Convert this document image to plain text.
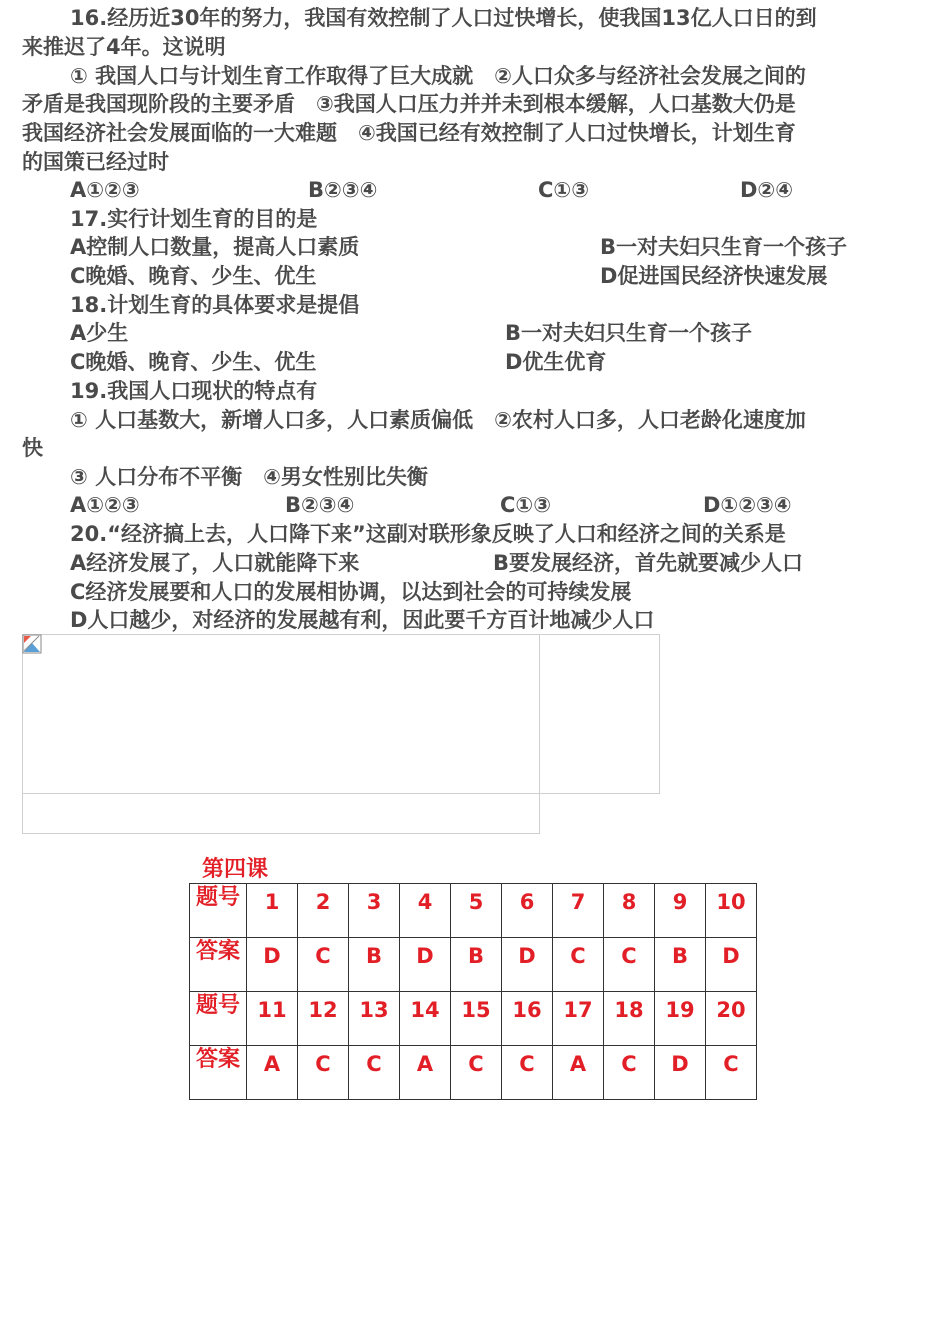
16.经历近30年的努力，我国有效控制了人口过快增长，使我国13亿人口日的到
来推迟了4年。这说明
① 我国人口与计划生育工作取得了巨大成就　②人口众多与经济社会发展之间的
矛盾是我国现阶段的主要矛盾　③我国人口压力并并未到根本缓解，人口基数大仍是
我国经济社会发展面临的一大难题　④我国已经有效控制了人口过快增长，计划生育
的国策已经过时
A①②③	B②③④	C①③	D②④
17.实行计划生育的目的是
A控制人口数量，提高人口素质	B一对夫妇只生育一个孩子
C晚婚、晚育、少生、优生	D促进国民经济快速发展
18.计划生育的具体要求是提倡
A少生	B一对夫妇只生育一个孩子
C晚婚、晚育、少生、优生	D优生优育
19.我国人口现状的特点有
① 人口基数大，新增人口多，人口素质偏低　②农村人口多，人口老龄化速度加
快
③ 人口分布不平衡　④男女性别比失衡
A①②③	B②③④	C①③	D①②③④
20.“经济搞上去，人口降下来”这副对联形象反映了人口和经济之间的关系是
A经济发展了，人口就能降下来	B要发展经济，首先就要减少人口
C经济发展要和人口的发展相协调，以达到社会的可持续发展
D人口越少，对经济的发展越有利，因此要千方百计地减少人口
第四课
题号	1	2	3	4	5	6	7	8	9	10

答案	D	C	B	D	B	D	C	C	B	D

题号	11	12	13	14	15	16	17	18	19	20

答案	A	C	C	A	C	C	A	C	D	C
